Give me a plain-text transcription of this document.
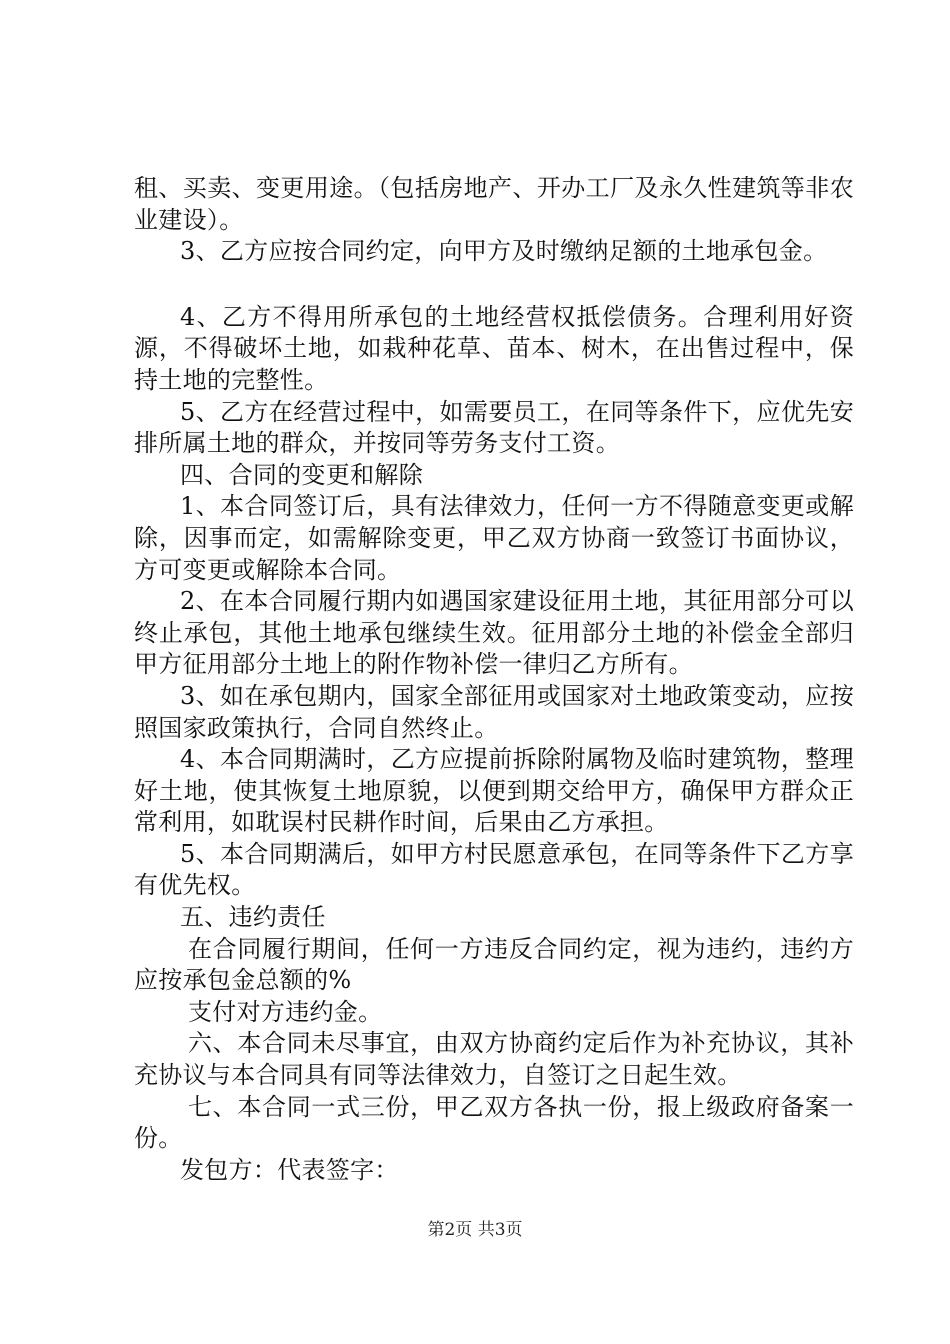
租、买卖、变更用途。（包括房地产、开办工厂及永久性建筑等非农业建设）。

3、乙方应按合同约定，向甲方及时缴纳足额的土地承包金。

4、乙方不得用所承包的土地经营权抵偿债务。合理利用好资源，不得破坏土地，如栽种花草、苗本、树木，在出售过程中，保持土地的完整性。

5、乙方在经营过程中，如需要员工，在同等条件下，应优先安排所属土地的群众，并按同等劳务支付工资。

四、合同的变更和解除

1、本合同签订后，具有法律效力，任何一方不得随意变更或解除，因事而定，如需解除变更，甲乙双方协商一致签订书面协议，方可变更或解除本合同。

2、在本合同履行期内如遇国家建设征用土地，其征用部分可以终止承包，其他土地承包继续生效。征用部分土地的补偿金全部归甲方征用部分土地上的附作物补偿一律归乙方所有。

3、如在承包期内，国家全部征用或国家对土地政策变动，应按照国家政策执行，合同自然终止。

4、本合同期满时，乙方应提前拆除附属物及临时建筑物，整理好土地，使其恢复土地原貌，以便到期交给甲方，确保甲方群众正常利用，如耽误村民耕作时间，后果由乙方承担。

5、本合同期满后，如甲方村民愿意承包，在同等条件下乙方享有优先权。

五、违约责任

在合同履行期间，任何一方违反合同约定，视为违约，违约方应按承包金总额的%

支付对方违约金。

六、本合同未尽事宜，由双方协商约定后作为补充协议，其补充协议与本合同具有同等法律效力，自签订之日起生效。

七、本合同一式三份，甲乙双方各执一份，报上级政府备案一份。

发包方：代表签字：

第2页 共3页
